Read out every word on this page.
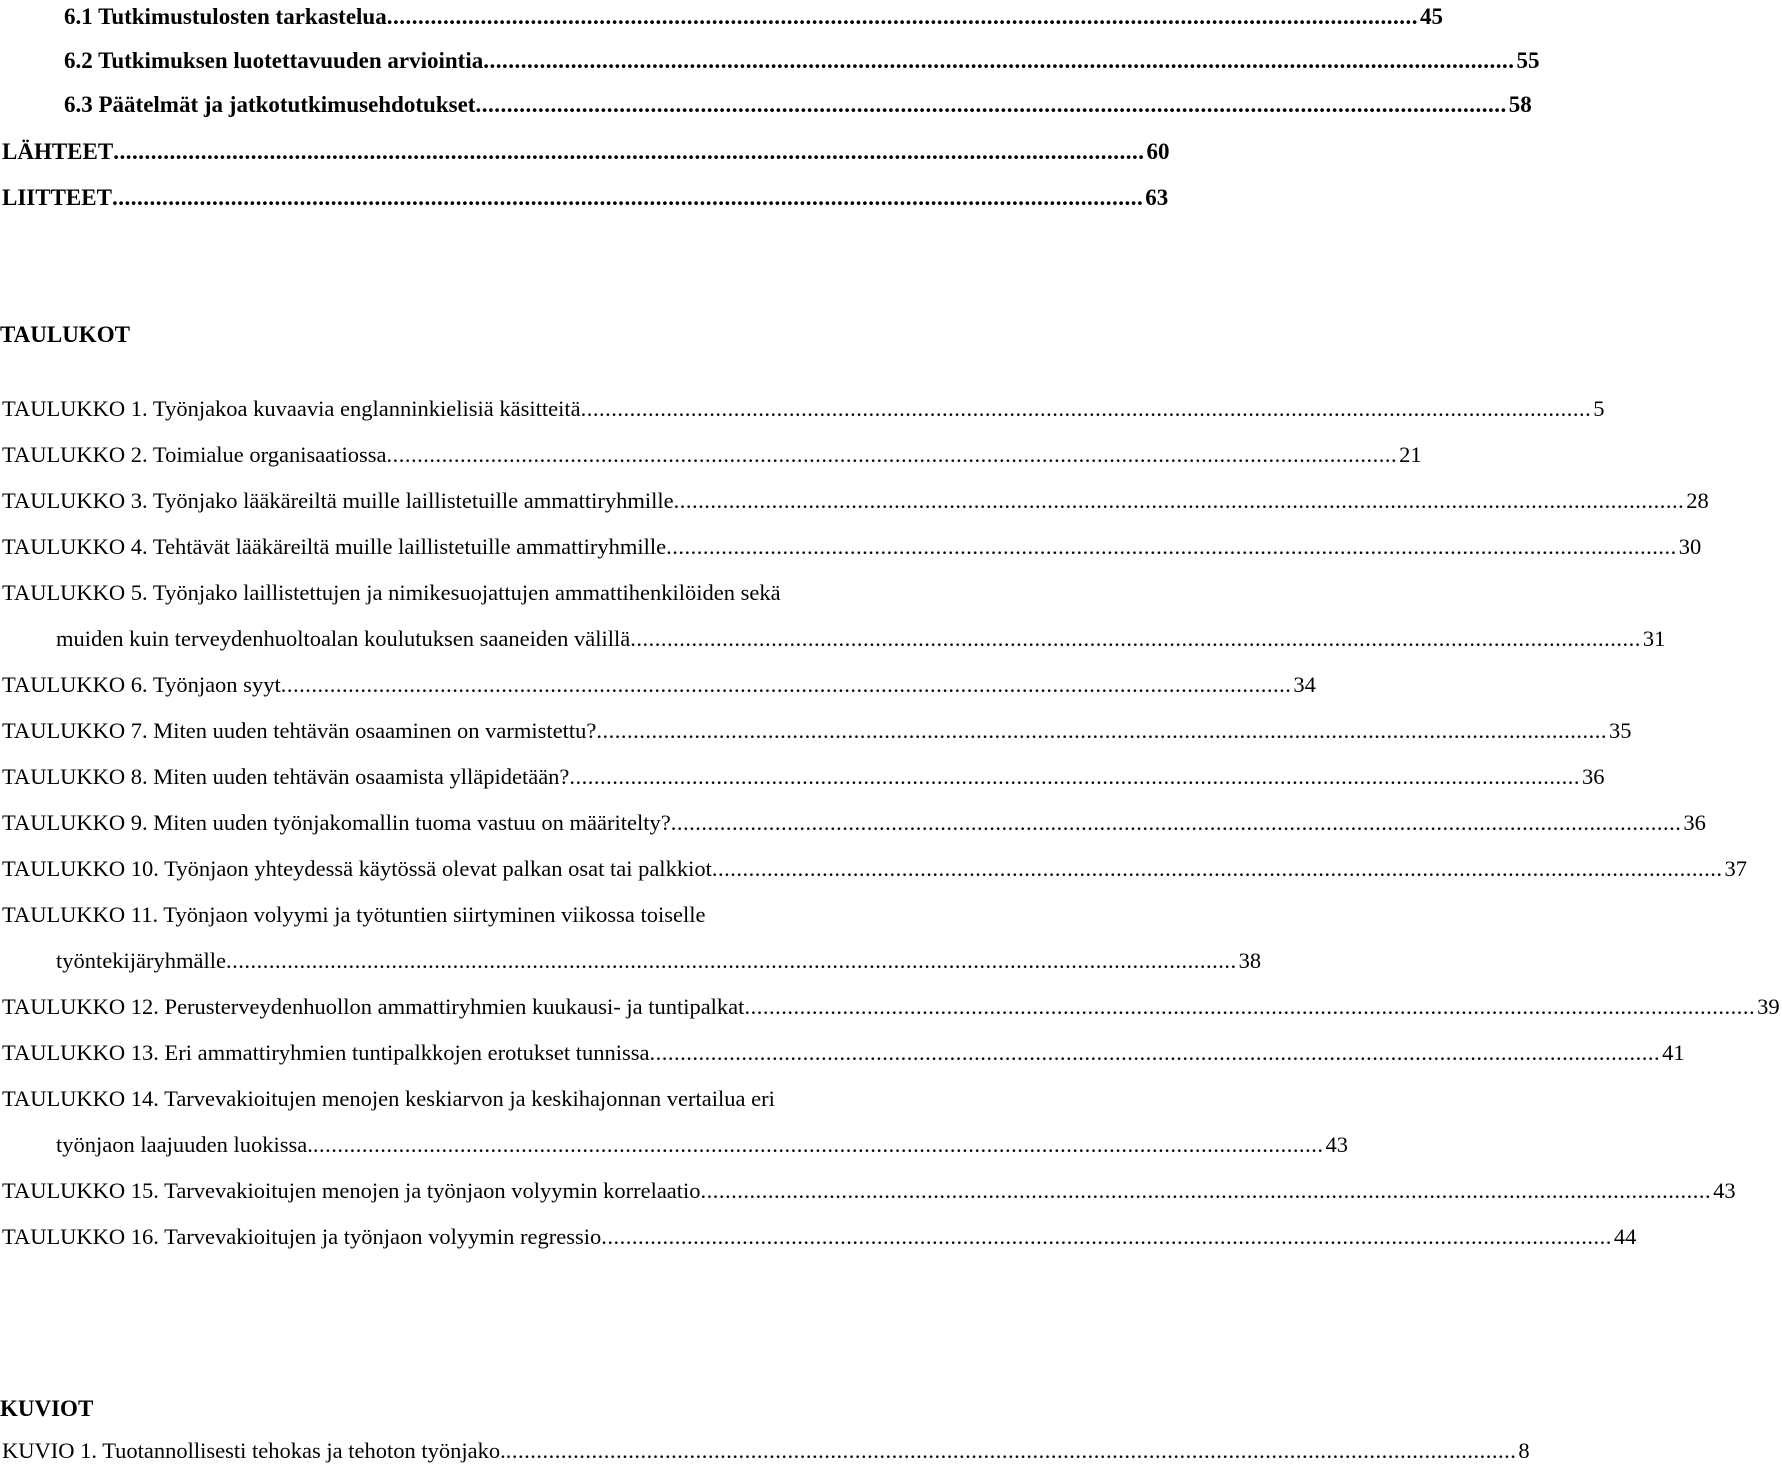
6.1 Tutkimustulosten tarkastelua ..................................................................................................................................................................... 45
6.2 Tutkimuksen luotettavuuden arviointia ..................................................................................................................................................................... 55
6.3 Päätelmät ja jatkotutkimusehdotukset ..................................................................................................................................................................... 58
LÄHTEET ..................................................................................................................................................................... 60
LIITTEET ..................................................................................................................................................................... 63
TAULUKOT
TAULUKKO 1. Työnjakoa kuvaavia englanninkielisiä käsitteitä ..................................................................................................................................................................... 5
TAULUKKO 2. Toimialue organisaatiossa ..................................................................................................................................................................... 21
TAULUKKO 3. Työnjako lääkäreiltä muille laillistetuille ammattiryhmille ..................................................................................................................................................................... 28
TAULUKKO 4. Tehtävät lääkäreiltä muille laillistetuille ammattiryhmille ..................................................................................................................................................................... 30
TAULUKKO 5. Työnjako laillistettujen ja nimikesuojattujen ammattihenkilöiden sekä
muiden kuin terveydenhuoltoalan koulutuksen saaneiden välillä ..................................................................................................................................................................... 31
TAULUKKO 6. Työnjaon syyt ..................................................................................................................................................................... 34
TAULUKKO 7. Miten uuden tehtävän osaaminen on varmistettu? ..................................................................................................................................................................... 35
TAULUKKO 8. Miten uuden tehtävän osaamista ylläpidetään? ..................................................................................................................................................................... 36
TAULUKKO 9. Miten uuden työnjakomallin tuoma vastuu on määritelty? ..................................................................................................................................................................... 36
TAULUKKO 10. Työnjaon yhteydessä käytössä olevat palkan osat tai palkkiot ..................................................................................................................................................................... 37
TAULUKKO 11. Työnjaon volyymi ja työtuntien siirtyminen viikossa toiselle
työntekijäryhmälle ..................................................................................................................................................................... 38
TAULUKKO 12. Perusterveydenhuollon ammattiryhmien kuukausi- ja tuntipalkat ..................................................................................................................................................................... 39
TAULUKKO 13. Eri ammattiryhmien tuntipalkkojen erotukset tunnissa ..................................................................................................................................................................... 41
TAULUKKO 14. Tarvevakioitujen menojen keskiarvon ja keskihajonnan vertailua eri
työnjaon laajuuden luokissa. ..................................................................................................................................................................... 43
TAULUKKO 15. Tarvevakioitujen menojen ja työnjaon volyymin korrelaatio ..................................................................................................................................................................... 43
TAULUKKO 16. Tarvevakioitujen ja työnjaon volyymin regressio ..................................................................................................................................................................... 44
KUVIOT
KUVIO 1. Tuotannollisesti tehokas ja tehoton työnjako. ..................................................................................................................................................................... 8
